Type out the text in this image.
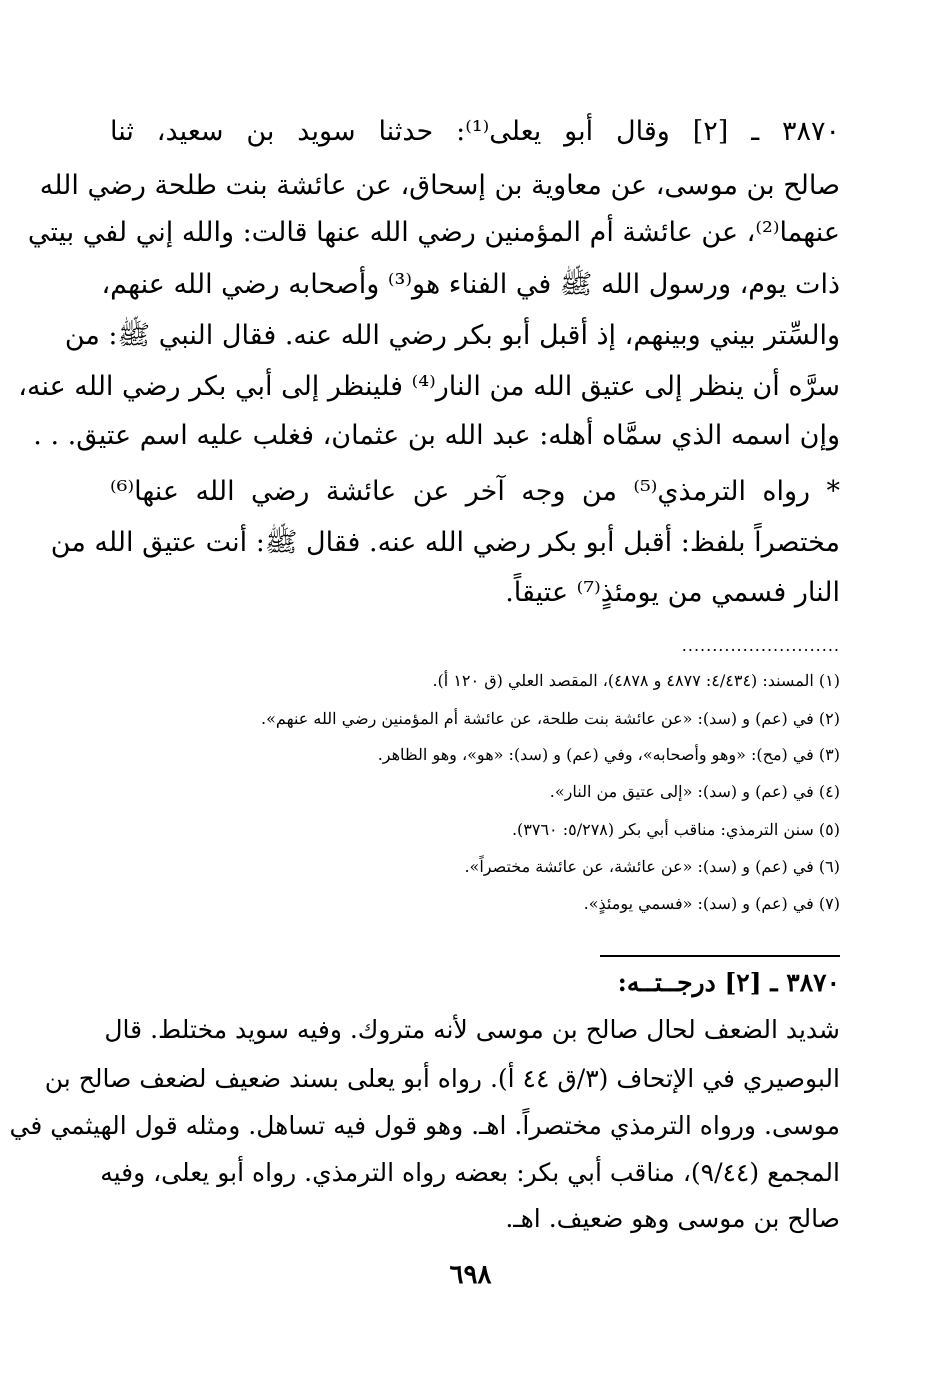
٣٨٧٠ ـ [٢] وقال أبو يعلى⁽¹⁾: حدثنا سويد بن سعيد، ثنا
صالح بن موسى، عن معاوية بن إسحاق، عن عائشة بنت طلحة رضي الله
عنهما⁽²⁾، عن عائشة أم المؤمنين رضي الله عنها قالت: والله إني لفي بيتي
ذات يوم، ورسول الله ﷺ في الفناء هو⁽³⁾ وأصحابه رضي الله عنهم،
والسِّتر بيني وبينهم، إذ أقبل أبو بكر رضي الله عنه. فقال النبي ﷺ: من
سرَّه أن ينظر إلى عتيق الله من النار⁽⁴⁾ فلينظر إلى أبي بكر رضي الله عنه،
وإن اسمه الذي سمَّاه أهله: عبد الله بن عثمان، فغلب عليه اسم عتيق. . .
* رواه الترمذي⁽⁵⁾ من وجه آخر عن عائشة رضي الله عنها⁽⁶⁾
مختصراً بلفظ: أقبل أبو بكر رضي الله عنه. فقال ﷺ: أنت عتيق الله من
النار فسمي من يومئذٍ⁽⁷⁾ عتيقاً.
..........................
(١) المسند: (٤/٤٣٤: ٤٨٧٧ و ٤٨٧٨)، المقصد العلي (ق ١٢٠ أ).
(٢) في (عم) و (سد): «عن عائشة بنت طلحة، عن عائشة أم المؤمنين رضي الله عنهم».
(٣) في (مح): «وهو وأصحابه»، وفي (عم) و (سد): «هو»، وهو الظاهر.
(٤) في (عم) و (سد): «إلى عتيق من النار».
(٥) سنن الترمذي: مناقب أبي بكر (٥/٢٧٨: ٣٧٦٠).
(٦) في (عم) و (سد): «عن عائشة، عن عائشة مختصراً».
(٧) في (عم) و (سد): «فسمي يومئذٍ».
٣٨٧٠ ـ [٢] درجــتــه:
شديد الضعف لحال صالح بن موسى لأنه متروك. وفيه سويد مختلط. قال
البوصيري في الإتحاف (٣/ق ٤٤ أ). رواه أبو يعلى بسند ضعيف لضعف صالح بن
موسى. ورواه الترمذي مختصراً. اهـ. وهو قول فيه تساهل. ومثله قول الهيثمي في
المجمع (٩/٤٤)، مناقب أبي بكر: بعضه رواه الترمذي. رواه أبو يعلى، وفيه
صالح بن موسى وهو ضعيف. اهـ.
٦٩٨
